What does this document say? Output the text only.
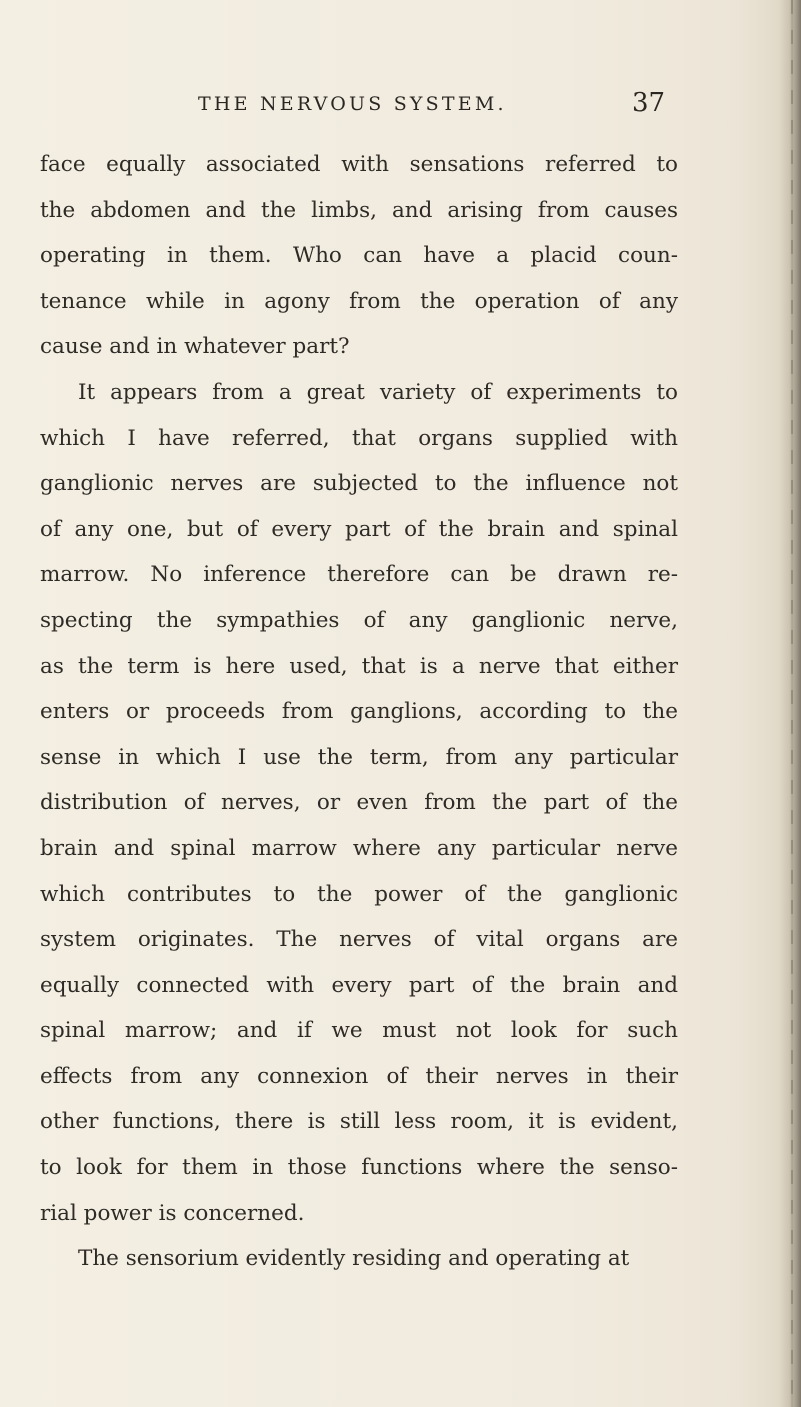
THE NERVOUS SYSTEM.	37
face equally associated with sensations referred to
the abdomen and the limbs, and arising from causes
operating in them. Who can have a placid coun-
tenance while in agony from the operation of any
cause and in whatever part?
It appears from a great variety of experiments to
which I have referred, that organs supplied with
ganglionic nerves are subjected to the influence not
of any one, but of every part of the brain and spinal
marrow. No inference therefore can be drawn re-
specting the sympathies of any ganglionic nerve,
as the term is here used, that is a nerve that either
enters or proceeds from ganglions, according to the
sense in which I use the term, from any particular
distribution of nerves, or even from the part of the
brain and spinal marrow where any particular nerve
which contributes to the power of the ganglionic
system originates. The nerves of vital organs are
equally connected with every part of the brain and
spinal marrow; and if we must not look for such
effects from any connexion of their nerves in their
other functions, there is still less room, it is evident,
to look for them in those functions where the senso-
rial power is concerned.
The sensorium evidently residing and operating at
